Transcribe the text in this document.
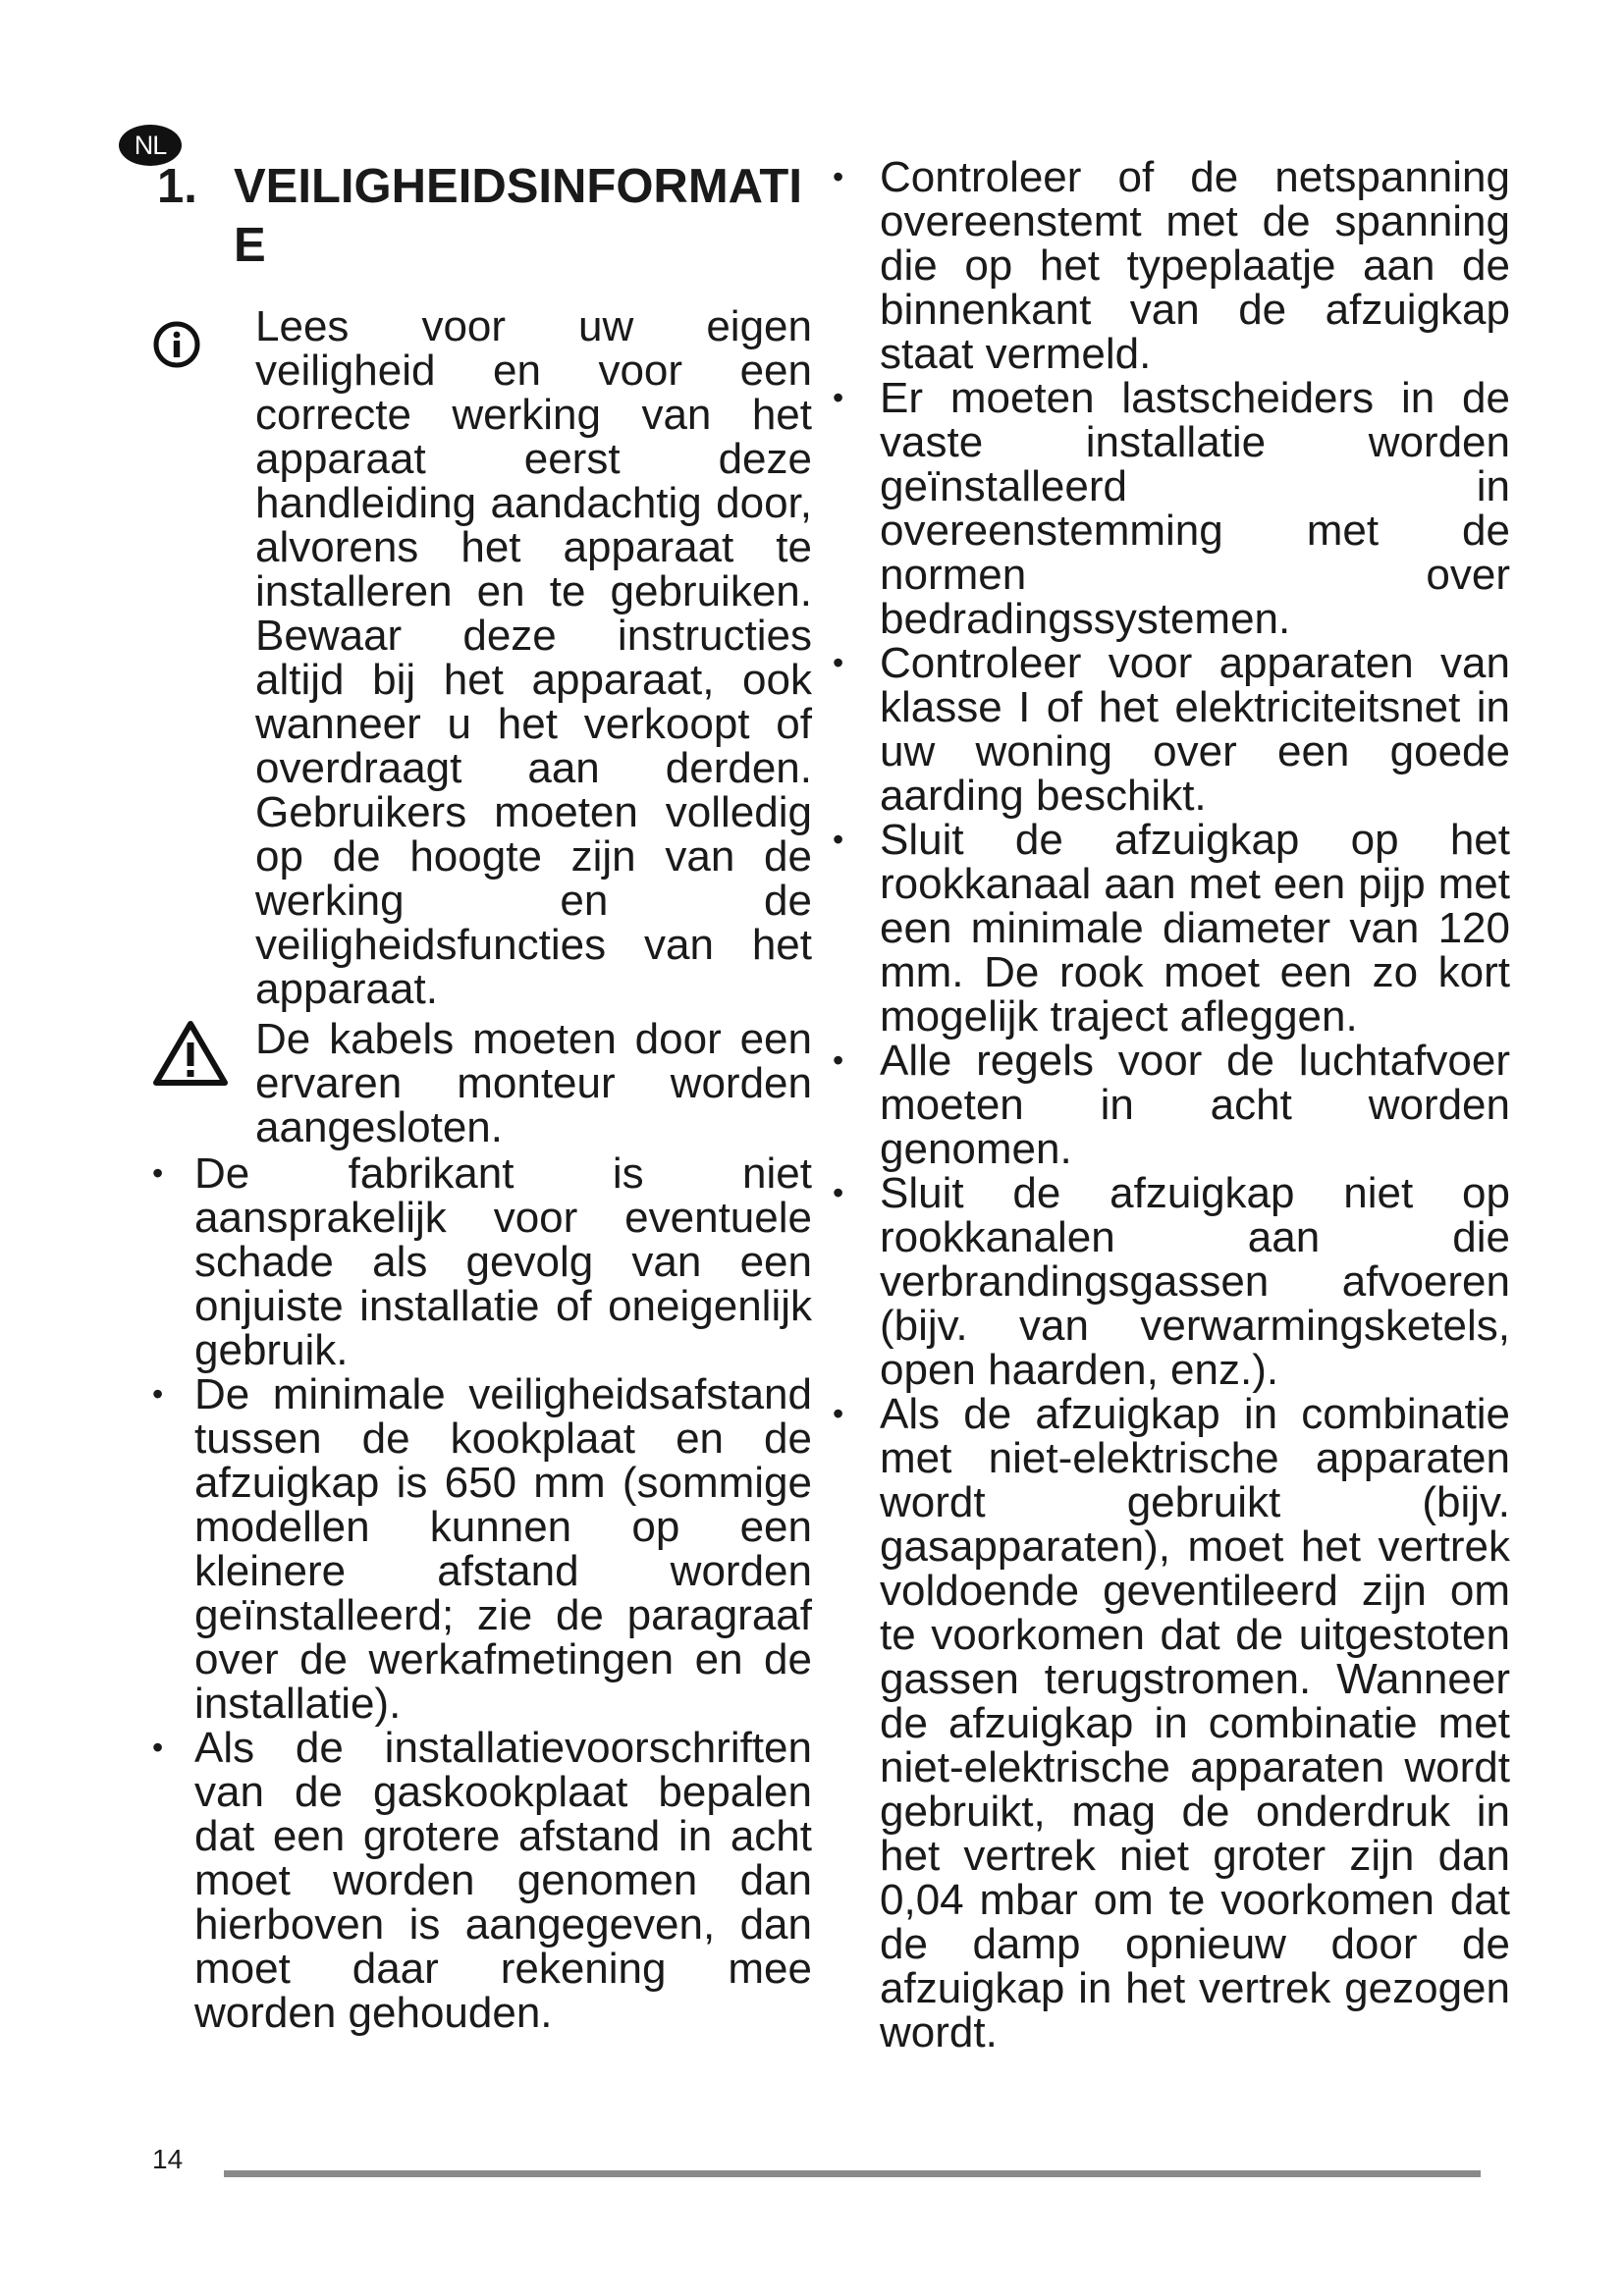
NL
1. VEILIGHEIDSINFORMATIE

Lees voor uw eigen veiligheid en voor een correcte werking van het apparaat eerst deze handleiding aandachtig door, alvorens het apparaat te installeren en te gebruiken. Bewaar deze instructies altijd bij het apparaat, ook wanneer u het verkoopt of overdraagt aan derden. Gebruikers moeten volledig op de hoogte zijn van de werking en de veiligheidsfuncties van het apparaat.

De kabels moeten door een ervaren monteur worden aangesloten.

• De fabrikant is niet aansprakelijk voor eventuele schade als gevolg van een onjuiste installatie of oneigenlijk gebruik.

• De minimale veiligheidsafstand tussen de kookplaat en de afzuigkap is 650 mm (sommige modellen kunnen op een kleinere afstand worden geïnstalleerd; zie de paragraaf over de werkafmetingen en de installatie).

• Als de installatievoorschriften van de gaskookplaat bepalen dat een grotere afstand in acht moet worden genomen dan hierboven is aangegeven, dan moet daar rekening mee worden gehouden.

• Controleer of de netspanning overeenstemt met de spanning die op het typeplaatje aan de binnenkant van de afzuigkap staat vermeld.

• Er moeten lastscheiders in de vaste installatie worden geïnstalleerd in overeenstemming met de normen over bedradingssystemen.

• Controleer voor apparaten van klasse I of het elektriciteitsnet in uw woning over een goede aarding beschikt.

• Sluit de afzuigkap op het rookkanaal aan met een pijp met een minimale diameter van 120 mm. De rook moet een zo kort mogelijk traject afleggen.

• Alle regels voor de luchtafvoer moeten in acht worden genomen.

• Sluit de afzuigkap niet op rookkanalen aan die verbrandingsgassen afvoeren (bijv. van verwarmingsketels, open haarden, enz.).

• Als de afzuigkap in combinatie met niet-elektrische apparaten wordt gebruikt (bijv. gasapparaten), moet het vertrek voldoende geventileerd zijn om te voorkomen dat de uitgestoten gassen terugstromen. Wanneer de afzuigkap in combinatie met niet-elektrische apparaten wordt gebruikt, mag de onderdruk in het vertrek niet groter zijn dan 0,04 mbar om te voorkomen dat de damp opnieuw door de afzuigkap in het vertrek gezogen wordt.

14
